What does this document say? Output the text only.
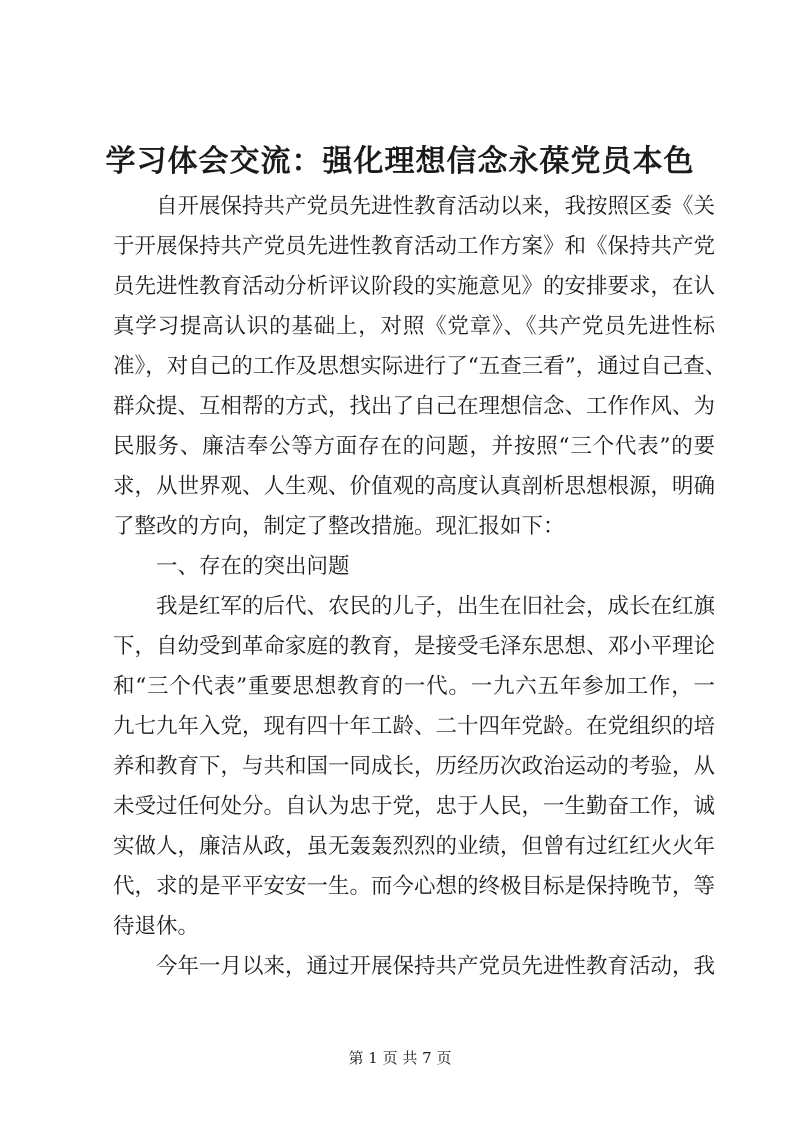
学习体会交流：强化理想信念永葆党员本色
　　自开展保持共产党员先进性教育活动以来，我按照区委《关
于开展保持共产党员先进性教育活动工作方案》和《保持共产党
员先进性教育活动分析评议阶段的实施意见》的安排要求，在认
真学习提高认识的基础上，对照《党章》、《共产党员先进性标
准》，对自己的工作及思想实际进行了“五查三看”，通过自己查、
群众提、互相帮的方式，找出了自己在理想信念、工作作风、为
民服务、廉洁奉公等方面存在的问题，并按照“三个代表”的要
求，从世界观、人生观、价值观的高度认真剖析思想根源，明确
了整改的方向，制定了整改措施。现汇报如下：
　　一、存在的突出问题
　　我是红军的后代、农民的儿子，出生在旧社会，成长在红旗
下，自幼受到革命家庭的教育，是接受毛泽东思想、邓小平理论
和“三个代表”重要思想教育的一代。一九六五年参加工作，一
九七九年入党，现有四十年工龄、二十四年党龄。在党组织的培
养和教育下，与共和国一同成长，历经历次政治运动的考验，从
未受过任何处分。自认为忠于党，忠于人民，一生勤奋工作，诚
实做人，廉洁从政，虽无轰轰烈烈的业绩，但曾有过红红火火年
代，求的是平平安安一生。而今心想的终极目标是保持晚节，等
待退休。
　　今年一月以来，通过开展保持共产党员先进性教育活动，我
第 1 页 共 7 页
